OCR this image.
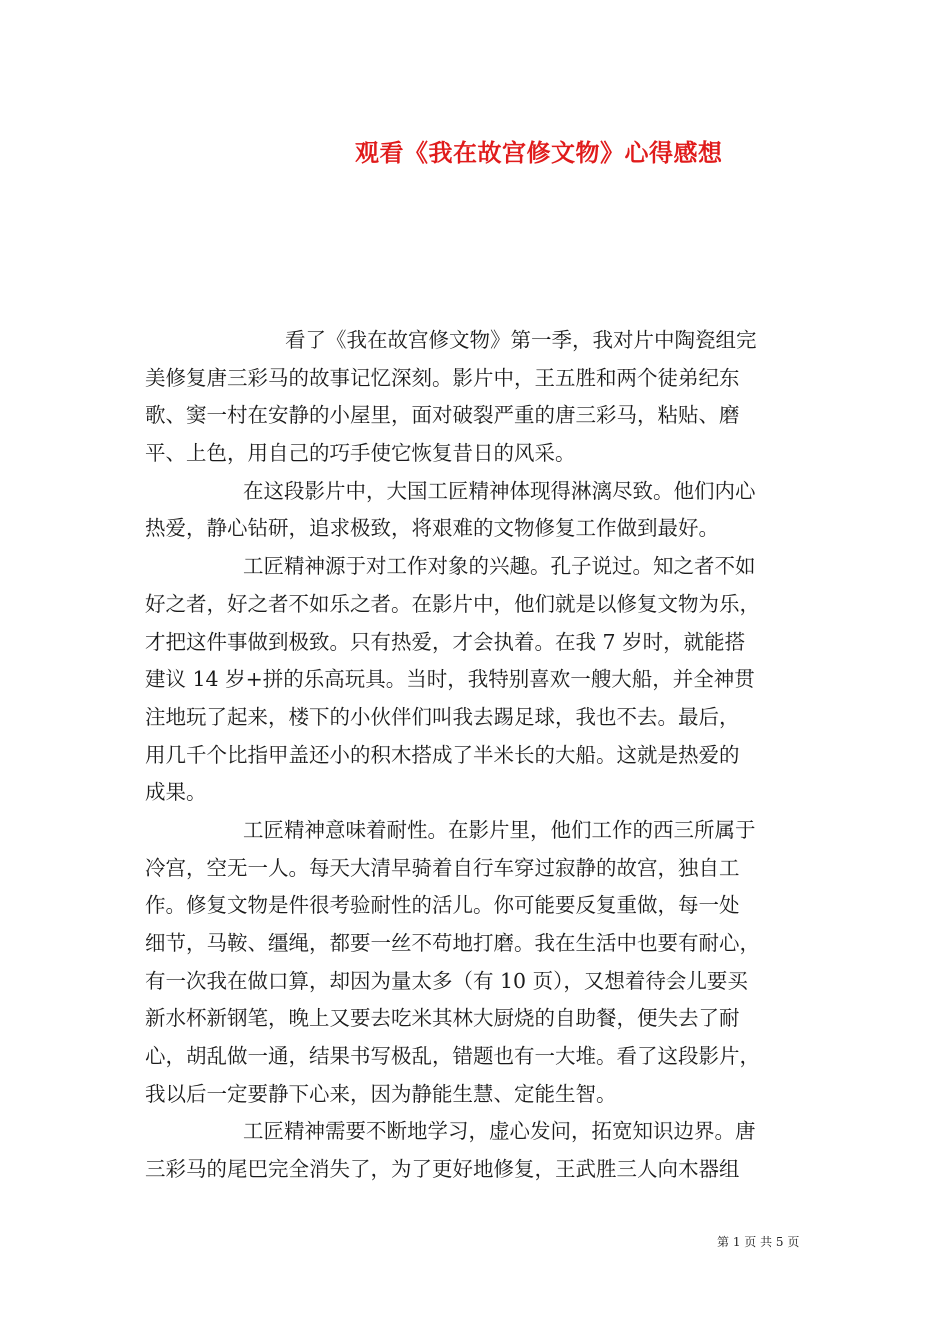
观看《我在故宫修文物》心得感想
看了《我在故宫修文物》第一季，我对片中陶瓷组完
美修复唐三彩马的故事记忆深刻。影片中，王五胜和两个徒弟纪东
歌、窦一村在安静的小屋里，面对破裂严重的唐三彩马，粘贴、磨
平、上色，用自己的巧手使它恢复昔日的风采。
在这段影片中，大国工匠精神体现得淋漓尽致。他们内心
热爱，静心钻研，追求极致，将艰难的文物修复工作做到最好。
工匠精神源于对工作对象的兴趣。孔子说过。知之者不如
好之者，好之者不如乐之者。在影片中，他们就是以修复文物为乐，
才把这件事做到极致。只有热爱，才会执着。在我 7 岁时，就能搭
建议 14 岁+拼的乐高玩具。当时，我特别喜欢一艘大船，并全神贯
注地玩了起来，楼下的小伙伴们叫我去踢足球，我也不去。最后，
用几千个比指甲盖还小的积木搭成了半米长的大船。这就是热爱的
成果。
工匠精神意味着耐性。在影片里，他们工作的西三所属于
冷宫，空无一人。每天大清早骑着自行车穿过寂静的故宫，独自工
作。修复文物是件很考验耐性的活儿。你可能要反复重做，每一处
细节，马鞍、缰绳，都要一丝不苟地打磨。我在生活中也要有耐心，
有一次我在做口算，却因为量太多（有 10 页），又想着待会儿要买
新水杯新钢笔，晚上又要去吃米其林大厨烧的自助餐，便失去了耐
心，胡乱做一通，结果书写极乱，错题也有一大堆。看了这段影片，
我以后一定要静下心来，因为静能生慧、定能生智。
工匠精神需要不断地学习，虚心发问，拓宽知识边界。唐
三彩马的尾巴完全消失了，为了更好地修复，王武胜三人向木器组
第 1 页 共 5 页
